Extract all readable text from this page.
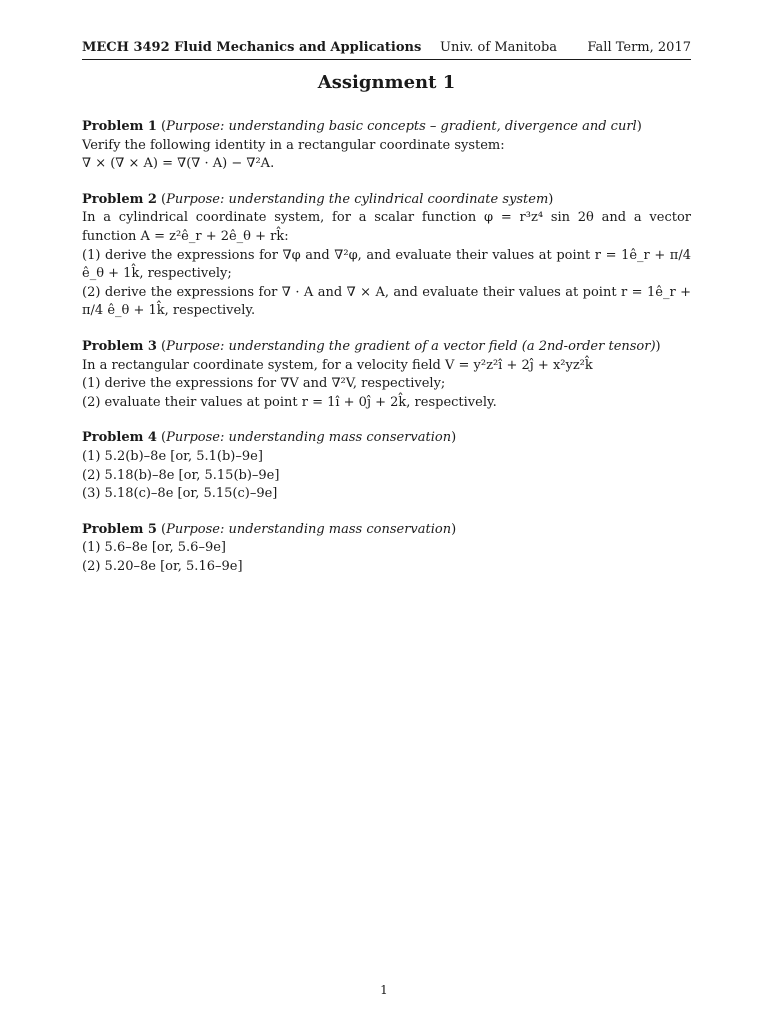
MECH 3492 Fluid Mechanics and Applications Univ. of Manitoba Fall Term, 2017
Assignment 1

Problem 1 (Purpose: understanding basic concepts – gradient, divergence and curl)

Verify the following identity in a rectangular coordinate system:

∇ × (∇ × A) = ∇(∇ · A) − ∇²A.

Problem 2 (Purpose: understanding the cylindrical coordinate system)

In a cylindrical coordinate system, for a scalar function φ = r³z⁴ sin 2θ and a vector function A = z²ê_r + 2ê_θ + rk̂:

(1) derive the expressions for ∇φ and ∇²φ, and evaluate their values at point r = 1ê_r + π/4 ê_θ + 1k̂, respectively;

(2) derive the expressions for ∇ · A and ∇ × A, and evaluate their values at point r = 1ê_r + π/4 ê_θ + 1k̂, respectively.

Problem 3 (Purpose: understanding the gradient of a vector field (a 2nd-order tensor))

In a rectangular coordinate system, for a velocity field V = y²z²î + 2ĵ + x²yz²k̂

(1) derive the expressions for ∇V and ∇²V, respectively;

(2) evaluate their values at point r = 1î + 0ĵ + 2k̂, respectively.

Problem 4 (Purpose: understanding mass conservation)

(1) 5.2(b)–8e [or, 5.1(b)–9e]

(2) 5.18(b)–8e [or, 5.15(b)–9e]

(3) 5.18(c)–8e [or, 5.15(c)–9e]

Problem 5 (Purpose: understanding mass conservation)

(1) 5.6–8e [or, 5.6–9e]

(2) 5.20–8e [or, 5.16–9e]

1
